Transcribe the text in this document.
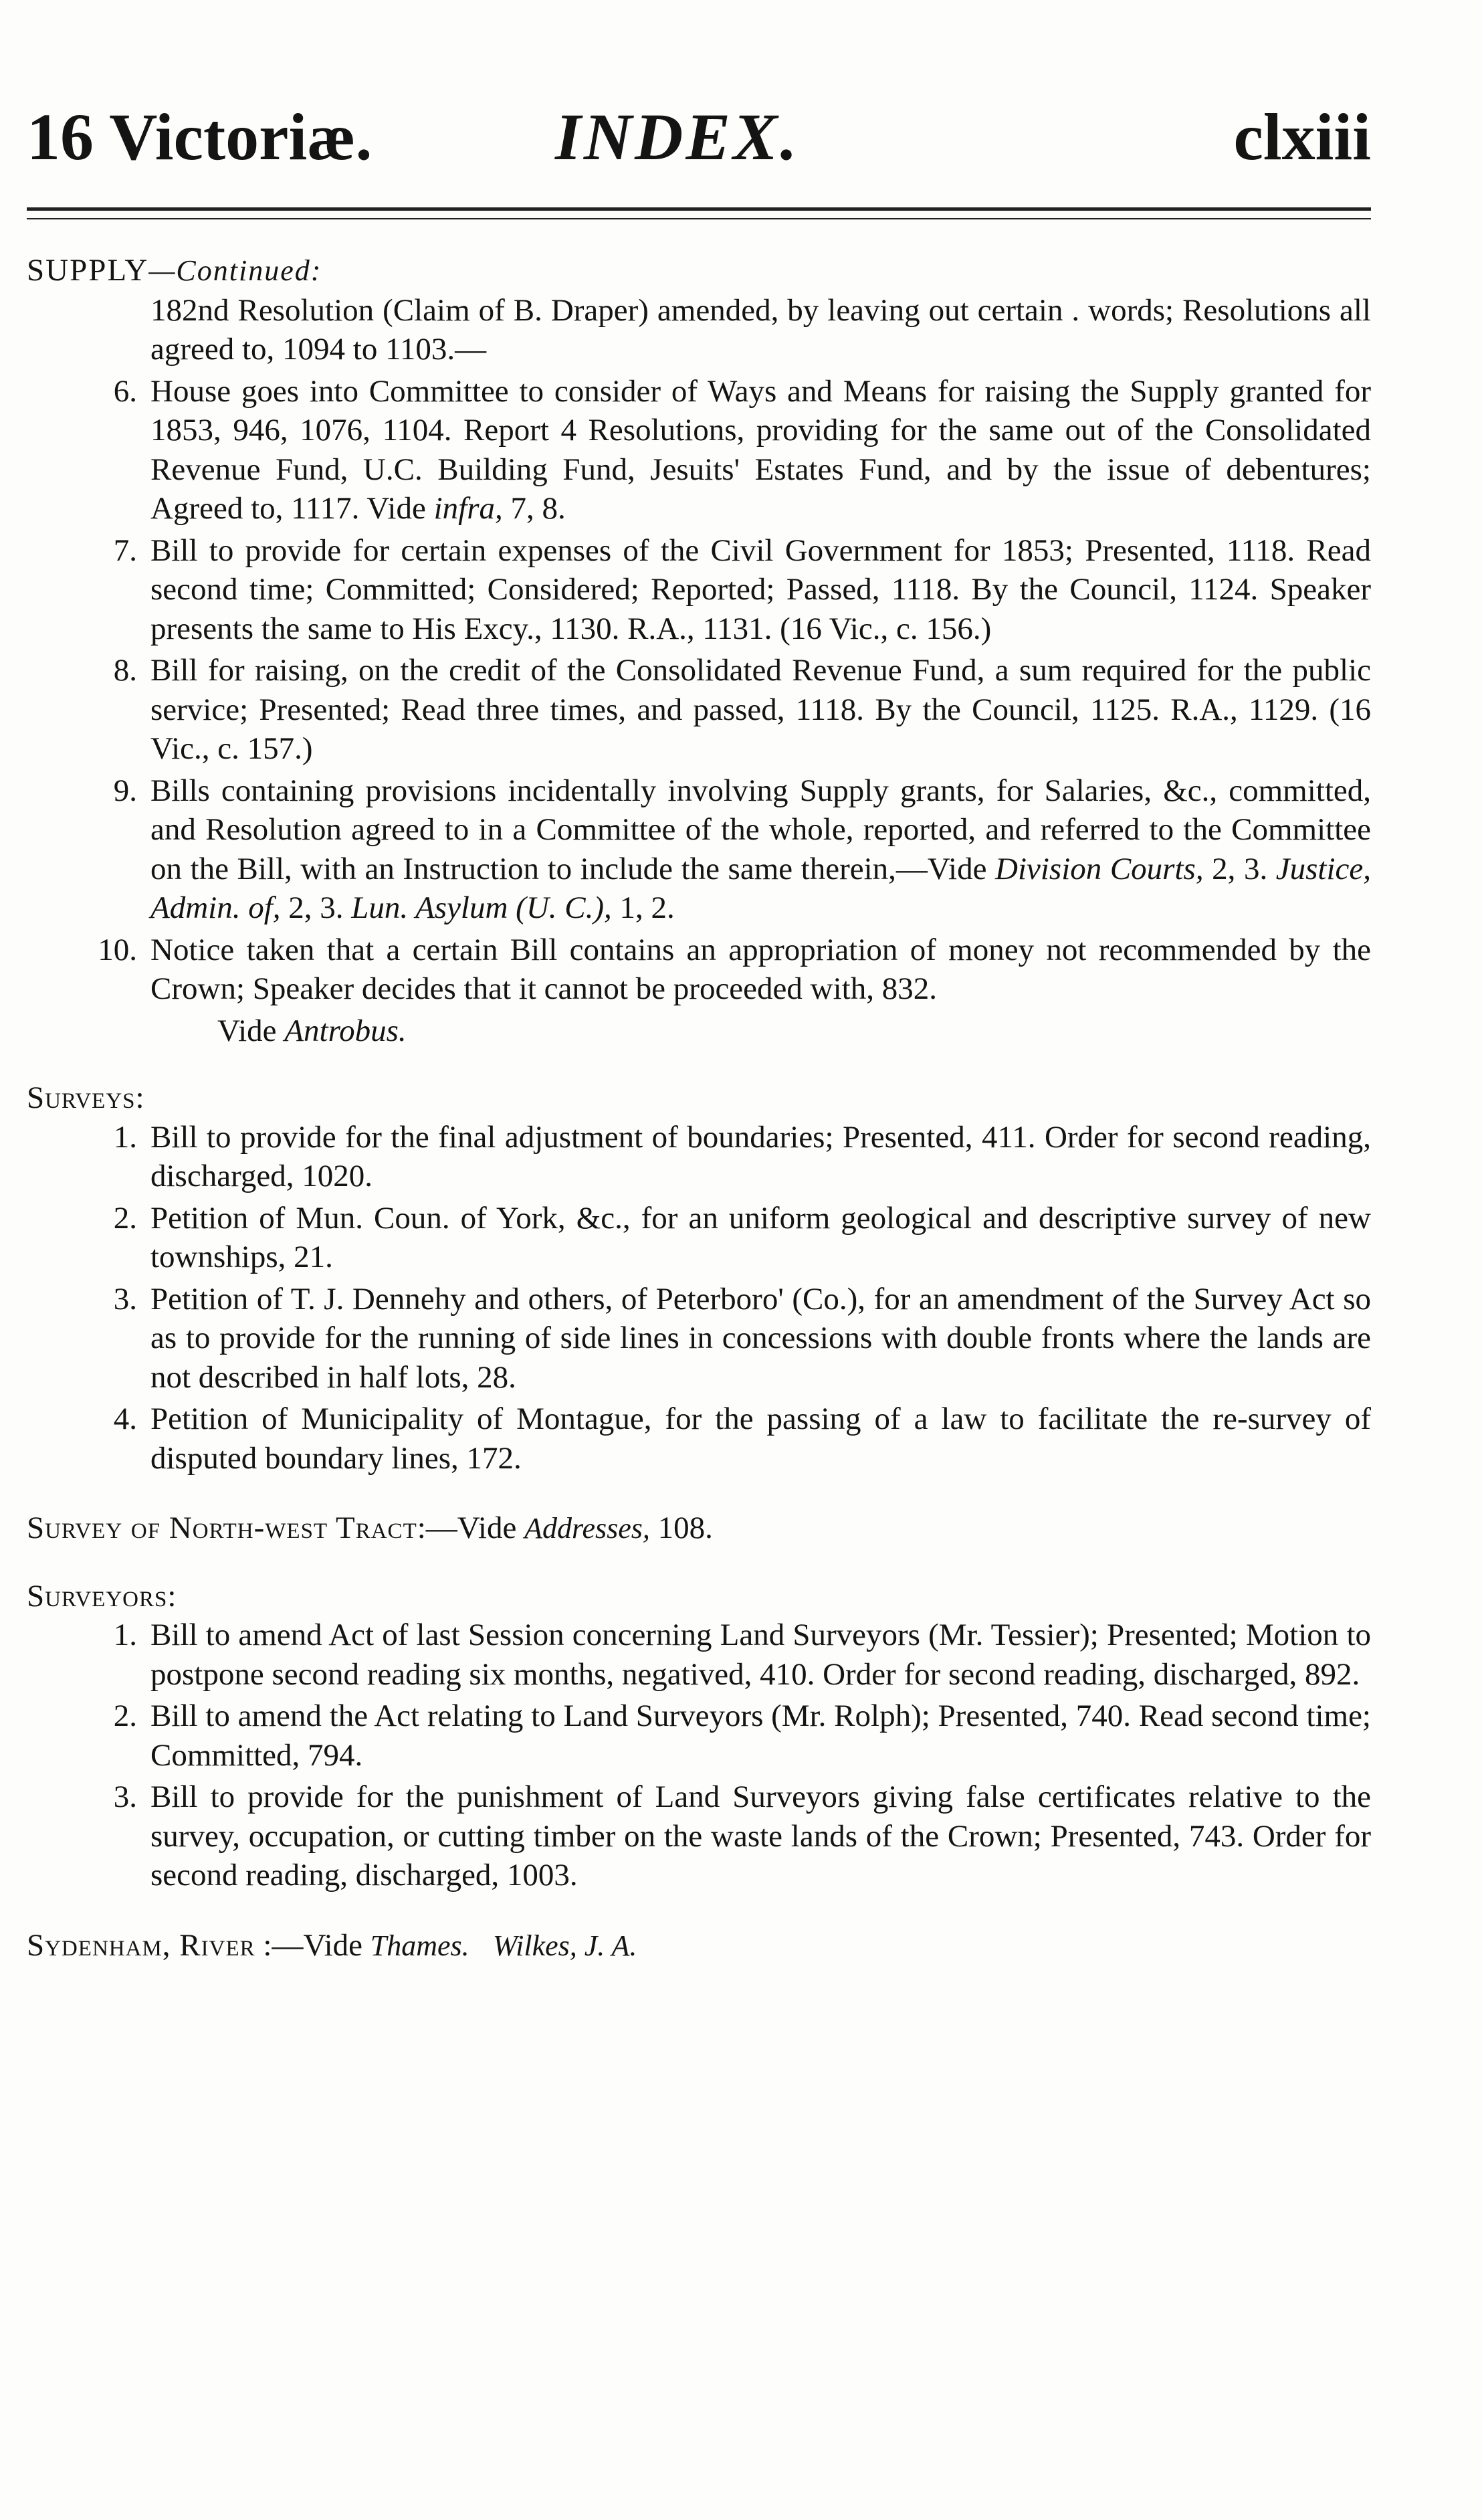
16 Victoriæ.	INDEX.	clxiii

SUPPLY—Continued:

182nd Resolution (Claim of B. Draper) amended, by leaving out certain . words; Resolutions all agreed to, 1094 to 1103.—

6. House goes into Committee to consider of Ways and Means for raising the Supply granted for 1853, 946, 1076, 1104. Report 4 Resolutions, providing for the same out of the Consolidated Revenue Fund, U.C. Building Fund, Jesuits' Estates Fund, and by the issue of debentures; Agreed to, 1117. Vide infra, 7, 8.

7. Bill to provide for certain expenses of the Civil Government for 1853; Presented, 1118. Read second time; Committed; Considered; Reported; Passed, 1118. By the Council, 1124. Speaker presents the same to His Excy., 1130. R.A., 1131. (16 Vic., c. 156.)

8. Bill for raising, on the credit of the Consolidated Revenue Fund, a sum required for the public service; Presented; Read three times, and passed, 1118. By the Council, 1125. R.A., 1129. (16 Vic., c. 157.)

9. Bills containing provisions incidentally involving Supply grants, for Salaries, &c., committed, and Resolution agreed to in a Committee of the whole, reported, and referred to the Committee on the Bill, with an Instruction to include the same therein,—Vide Division Courts, 2, 3. Justice, Admin. of, 2, 3. Lun. Asylum (U. C.), 1, 2.

10. Notice taken that a certain Bill contains an appropriation of money not recommended by the Crown; Speaker decides that it cannot be proceeded with, 832.

Vide Antrobus.

Surveys:

1. Bill to provide for the final adjustment of boundaries; Presented, 411. Order for second reading, discharged, 1020.

2. Petition of Mun. Coun. of York, &c., for an uniform geological and descriptive survey of new townships, 21.

3. Petition of T. J. Dennehy and others, of Peterboro' (Co.), for an amendment of the Survey Act so as to provide for the running of side lines in concessions with double fronts where the lands are not described in half lots, 28.

4. Petition of Municipality of Montague, for the passing of a law to facilitate the re-survey of disputed boundary lines, 172.

Survey of North-west Tract:—Vide Addresses, 108.

Surveyors:

1. Bill to amend Act of last Session concerning Land Surveyors (Mr. Tessier); Presented; Motion to postpone second reading six months, negatived, 410. Order for second reading, discharged, 892.

2. Bill to amend the Act relating to Land Surveyors (Mr. Rolph); Presented, 740. Read second time; Committed, 794.

3. Bill to provide for the punishment of Land Surveyors giving false certificates relative to the survey, occupation, or cutting timber on the waste lands of the Crown; Presented, 743. Order for second reading, discharged, 1003.

Sydenham, River :—Vide Thames. Wilkes, J. A.
